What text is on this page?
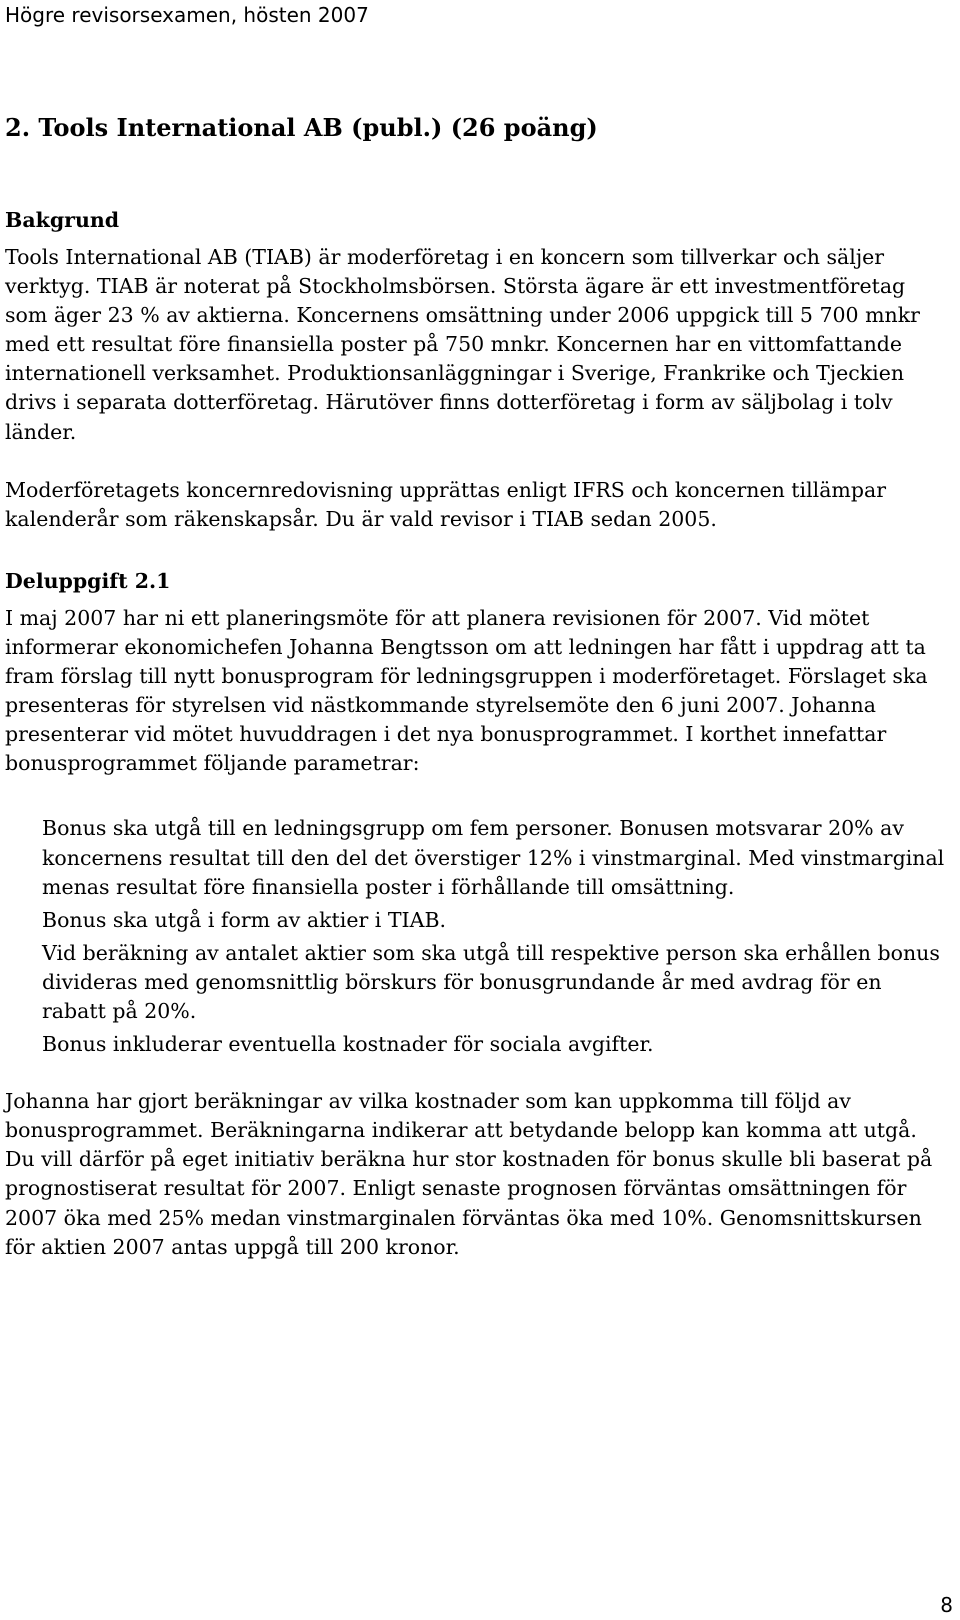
Högre revisorsexamen, hösten 2007
2. Tools International AB (publ.) (26 poäng)
Bakgrund

Tools International AB (TIAB) är moderföretag i en koncern som tillverkar och säljer verktyg. TIAB är noterat på Stockholmsbörsen. Största ägare är ett investmentföretag som äger 23 % av aktierna. Koncernens omsättning under 2006 uppgick till 5 700 mnkr med ett resultat före finansiella poster på 750 mnkr. Koncernen har en vittomfattande internationell verksamhet. Produktionsanläggningar i Sverige, Frankrike och Tjeckien drivs i separata dotterföretag. Härutöver finns dotterföretag i form av säljbolag i tolv länder.

Moderföretagets koncernredovisning upprättas enligt IFRS och koncernen tillämpar kalenderår som räkenskapsår. Du är vald revisor i TIAB sedan 2005.

Deluppgift 2.1

I maj 2007 har ni ett planeringsmöte för att planera revisionen för 2007. Vid mötet informerar ekonomichefen Johanna Bengtsson om att ledningen har fått i uppdrag att ta fram förslag till nytt bonusprogram för ledningsgruppen i moderföretaget. Förslaget ska presenteras för styrelsen vid nästkommande styrelsemöte den 6 juni 2007. Johanna presenterar vid mötet huvuddragen i det nya bonusprogrammet. I korthet innefattar bonusprogrammet följande parametrar:

Bonus ska utgå till en ledningsgrupp om fem personer. Bonusen motsvarar 20% av koncernens resultat till den del det överstiger 12% i vinstmarginal. Med vinstmarginal menas resultat före finansiella poster i förhållande till omsättning.
Bonus ska utgå i form av aktier i TIAB.
Vid beräkning av antalet aktier som ska utgå till respektive person ska erhållen bonus divideras med genomsnittlig börskurs för bonusgrundande år med avdrag för en rabatt på 20%.
Bonus inkluderar eventuella kostnader för sociala avgifter.

Johanna har gjort beräkningar av vilka kostnader som kan uppkomma till följd av bonusprogrammet. Beräkningarna indikerar att betydande belopp kan komma att utgå. Du vill därför på eget initiativ beräkna hur stor kostnaden för bonus skulle bli baserat på prognostiserat resultat för 2007. Enligt senaste prognosen förväntas omsättningen för 2007 öka med 25% medan vinstmarginalen förväntas öka med 10%. Genomsnittskursen för aktien 2007 antas uppgå till 200 kronor.

8
